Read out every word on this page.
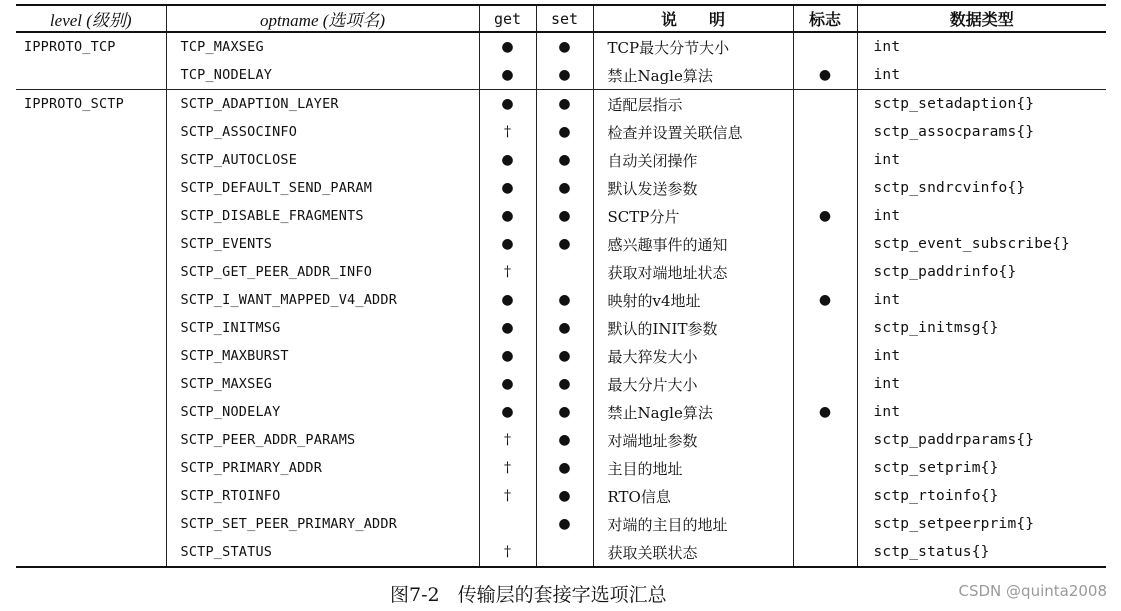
level (级别)	optname (选项名)	get	set	说　　明	标志	数据类型
IPPROTO_TCP	TCP_MAXSEG	●	●	TCP最大分节大小		int
	TCP_NODELAY	●	●	禁止Nagle算法	●	int
IPPROTO_SCTP	SCTP_ADAPTION_LAYER	●	●	适配层指示		sctp_setadaption{}
	SCTP_ASSOCINFO	†	●	检查并设置关联信息		sctp_assocparams{}
	SCTP_AUTOCLOSE	●	●	自动关闭操作		int
	SCTP_DEFAULT_SEND_PARAM	●	●	默认发送参数		sctp_sndrcvinfo{}
	SCTP_DISABLE_FRAGMENTS	●	●	SCTP分片	●	int
	SCTP_EVENTS	●	●	感兴趣事件的通知		sctp_event_subscribe{}
	SCTP_GET_PEER_ADDR_INFO	†		获取对端地址状态		sctp_paddrinfo{}
	SCTP_I_WANT_MAPPED_V4_ADDR	●	●	映射的v4地址	●	int
	SCTP_INITMSG	●	●	默认的INIT参数		sctp_initmsg{}
	SCTP_MAXBURST	●	●	最大猝发大小		int
	SCTP_MAXSEG	●	●	最大分片大小		int
	SCTP_NODELAY	●	●	禁止Nagle算法	●	int
	SCTP_PEER_ADDR_PARAMS	†	●	对端地址参数		sctp_paddrparams{}
	SCTP_PRIMARY_ADDR	†	●	主目的地址		sctp_setprim{}
	SCTP_RTOINFO	†	●	RTO信息		sctp_rtoinfo{}
	SCTP_SET_PEER_PRIMARY_ADDR		●	对端的主目的地址		sctp_setpeerprim{}
	SCTP_STATUS	†		获取关联状态		sctp_status{}
图7-2 传输层的套接字选项汇总	CSDN @quinta2008
